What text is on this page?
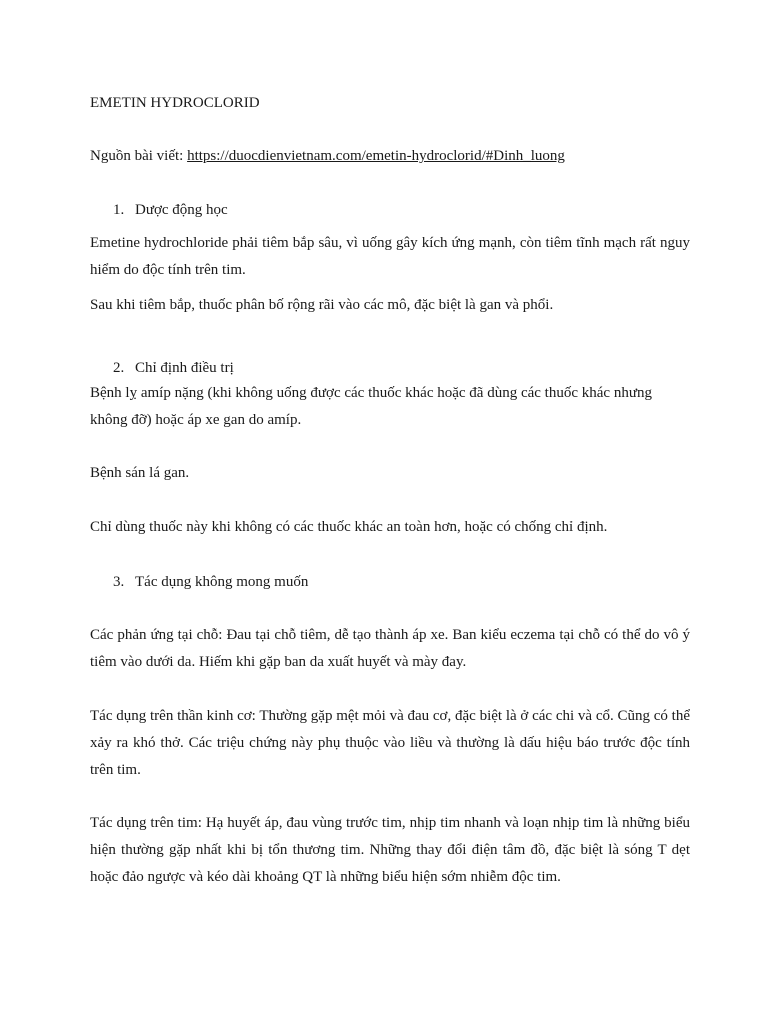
EMETIN HYDROCLORID
Nguồn bài viết: https://duocdienvietnam.com/emetin-hydroclorid/#Dinh_luong
1. Dược động học
Emetine hydrochloride phải tiêm bắp sâu, vì uống gây kích ứng mạnh, còn tiêm tĩnh mạch rất nguy hiểm do độc tính trên tim.
Sau khi tiêm bắp, thuốc phân bố rộng rãi vào các mô, đặc biệt là gan và phổi.
2. Chỉ định điều trị
Bệnh lỵ amíp nặng (khi không uống được các thuốc khác hoặc đã dùng các thuốc khác nhưng không đỡ) hoặc áp xe gan do amíp.
Bệnh sán lá gan.
Chỉ dùng thuốc này khi không có các thuốc khác an toàn hơn, hoặc có chống chỉ định.
3. Tác dụng không mong muốn
Các phản ứng tại chỗ: Đau tại chỗ tiêm, dễ tạo thành áp xe. Ban kiểu eczema tại chỗ có thể do vô ý tiêm vào dưới da. Hiếm khi gặp ban da xuất huyết và mày đay.
Tác dụng trên thần kinh cơ: Thường gặp mệt mỏi và đau cơ, đặc biệt là ở các chi và cổ. Cũng có thể xảy ra khó thở. Các triệu chứng này phụ thuộc vào liều và thường là dấu hiệu báo trước độc tính trên tim.
Tác dụng trên tim: Hạ huyết áp, đau vùng trước tim, nhịp tim nhanh và loạn nhịp tim là những biểu hiện thường gặp nhất khi bị tổn thương tim. Những thay đổi điện tâm đồ, đặc biệt là sóng T dẹt hoặc đảo ngược và kéo dài khoảng QT là những biểu hiện sớm nhiễm độc tim.
